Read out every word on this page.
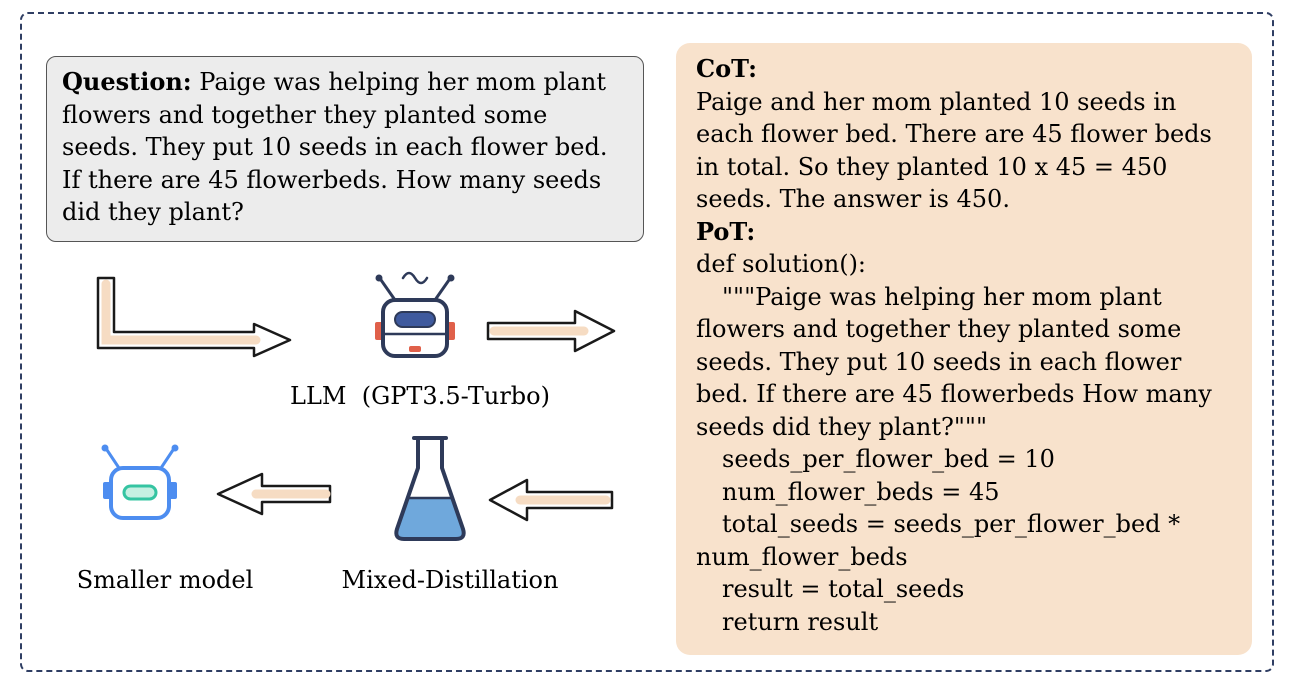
Question: Paige was helping her mom plant flowers and together they planted some seeds. They put 10 seeds in each flower bed. If there are 45 flowerbeds. How many seeds did they plant?
LLM  (GPT3.5-Turbo)
Smaller model	Mixed-Distillation
CoT:
Paige and her mom planted 10 seeds in each flower bed. There are 45 flower beds in total. So they planted 10 x 45 = 450 seeds. The answer is 450.
PoT:
def solution():
"""Paige was helping her mom plant flowers and together they planted some seeds. They put 10 seeds in each flower bed. If there are 45 flowerbeds How many seeds did they plant?"""
seeds_per_flower_bed = 10
num_flower_beds = 45
total_seeds = seeds_per_flower_bed * num_flower_beds
result = total_seeds
return result
